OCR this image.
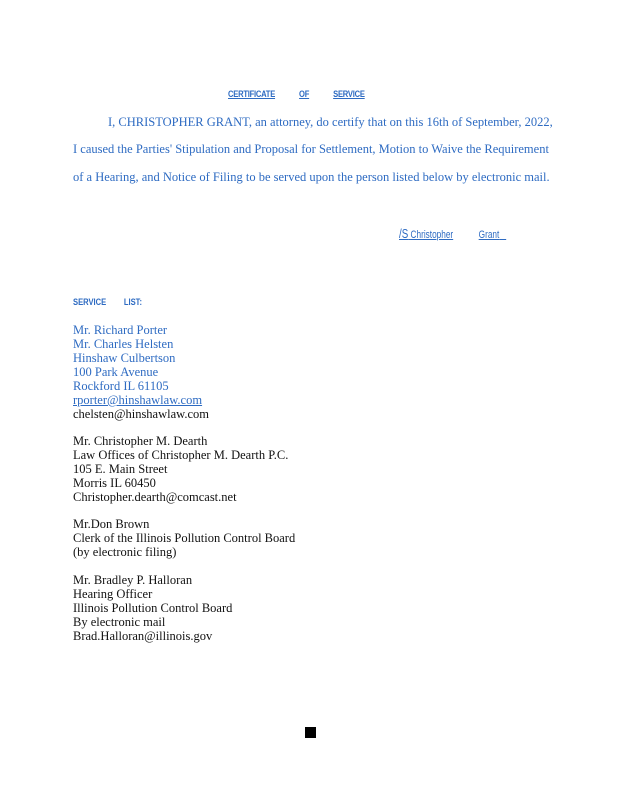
CERTIFICATE	OF	SERVICE
I, CHRISTOPHER GRANT, an attorney, do certify that on this 16th of September, 2022,
I caused the Parties' Stipulation and Proposal for Settlement, Motion to Waive the Requirement
of a Hearing, and Notice of Filing to be served upon the person listed below by electronic mail.
/S Christopher Grant
SERVICE LIST:
Mr. Richard Porter
Mr. Charles Helsten
Hinshaw Culbertson
100 Park Avenue
Rockford IL 61105
rporter@hinshawlaw.com
chelsten@hinshawlaw.com
Mr. Christopher M. Dearth
Law Offices of Christopher M. Dearth P.C.
105 E. Main Street
Morris IL 60450
Christopher.dearth@comcast.net
Mr.Don Brown
Clerk of the Illinois Pollution Control Board
(by electronic filing)
Mr. Bradley P. Halloran
Hearing Officer
Illinois Pollution Control Board
By electronic mail
Brad.Halloran@illinois.gov
